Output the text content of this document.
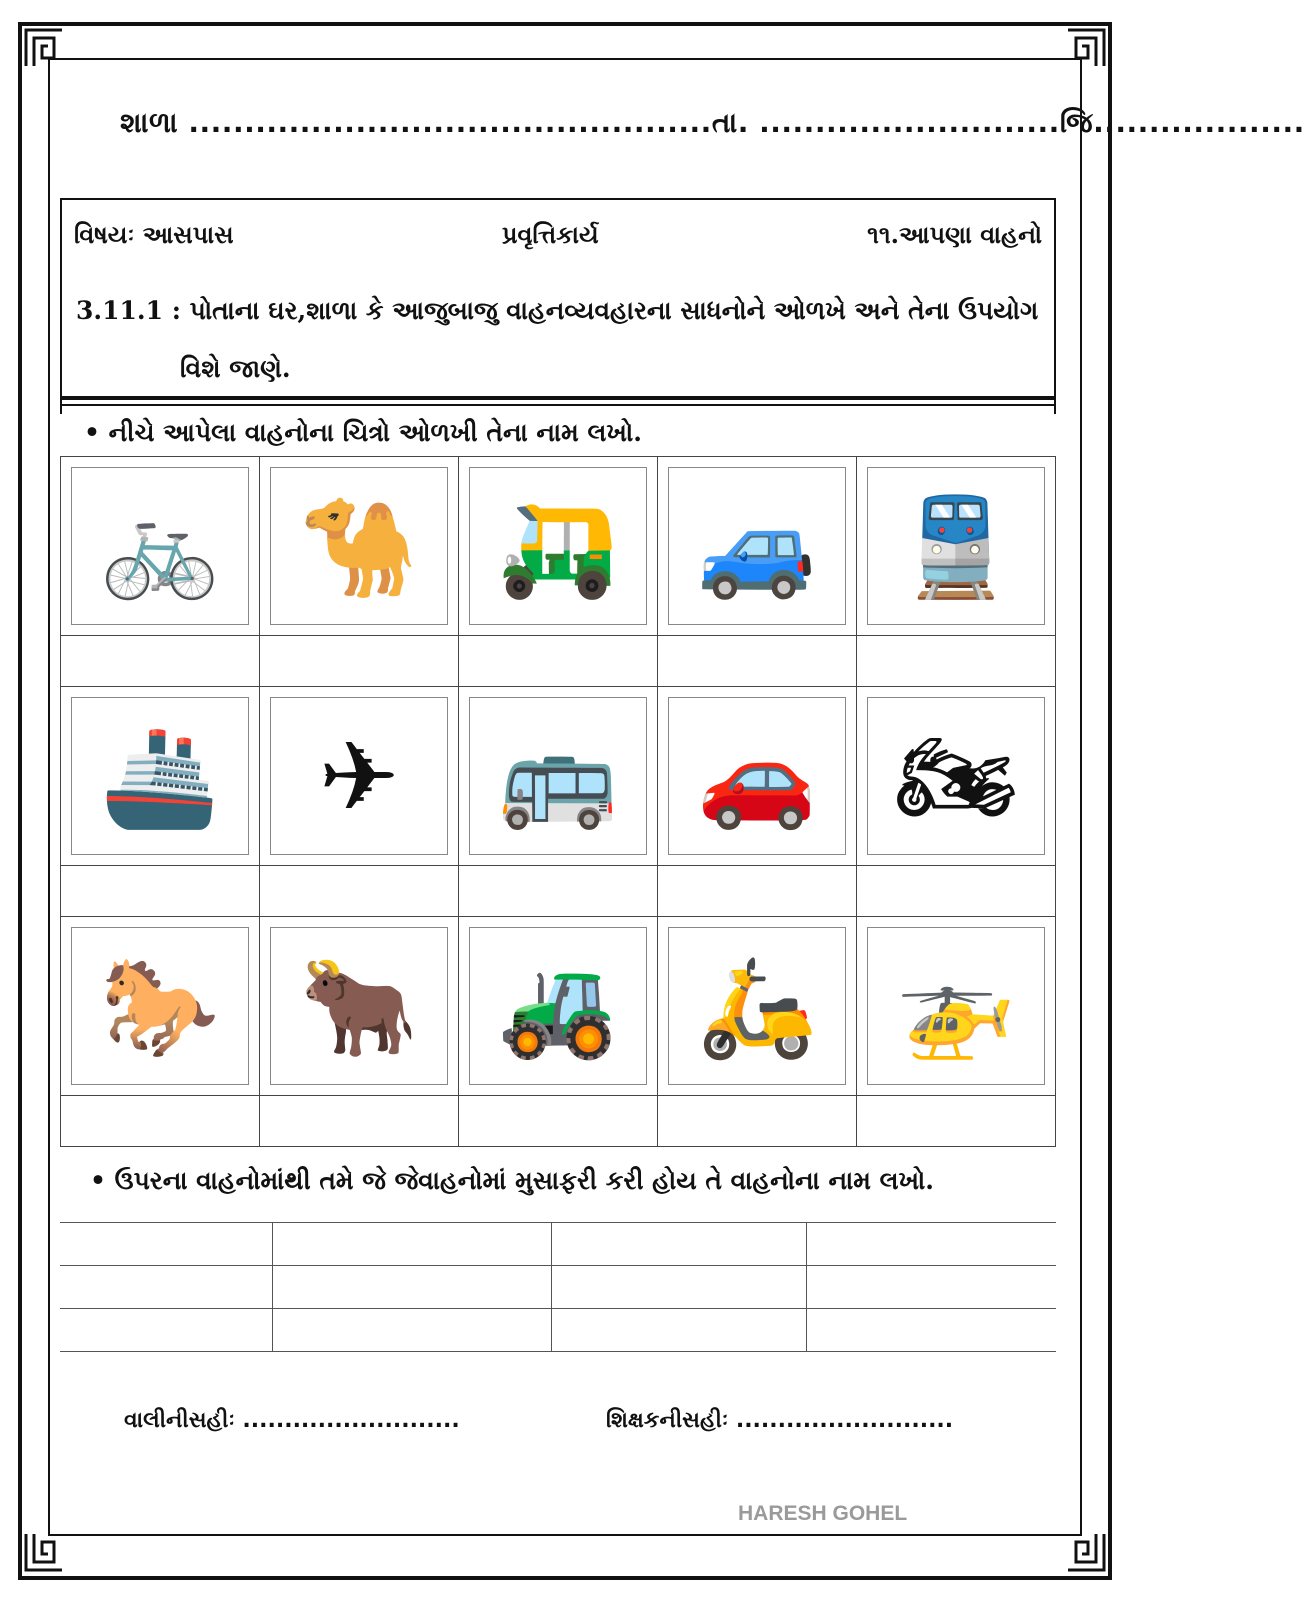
શાળા ...............................................તા. ...........................જિ...................
વિષયઃ આસપાસ	પ્રવૃત્તિકાર્ય	૧૧.આપણા વાહનો
3.11.1 : પોતાના ઘર,શાળા કે આજુબાજુ વાહનવ્યવહારના સાધનોને ઓળખે અને તેના ઉપયોગ
વિશે જાણે.
• નીચે આપેલા વાહનોના ચિત્રો ઓળખી તેના નામ લખો.
🚲	🐪	🛺	🚙	🚆

🚢	✈	🚌	🚗	🏍

🐎	🐂	🚜	🛵	🚁

• ઉપરના વાહનોમાંથી તમે જે જેવાહનોમાં મુસાફરી કરી હોય તે વાહનોના નામ લખો.

વાલીનીસહીઃ ..........................	શિક્ષકનીસહીઃ ..........................
HARESH GOHEL
